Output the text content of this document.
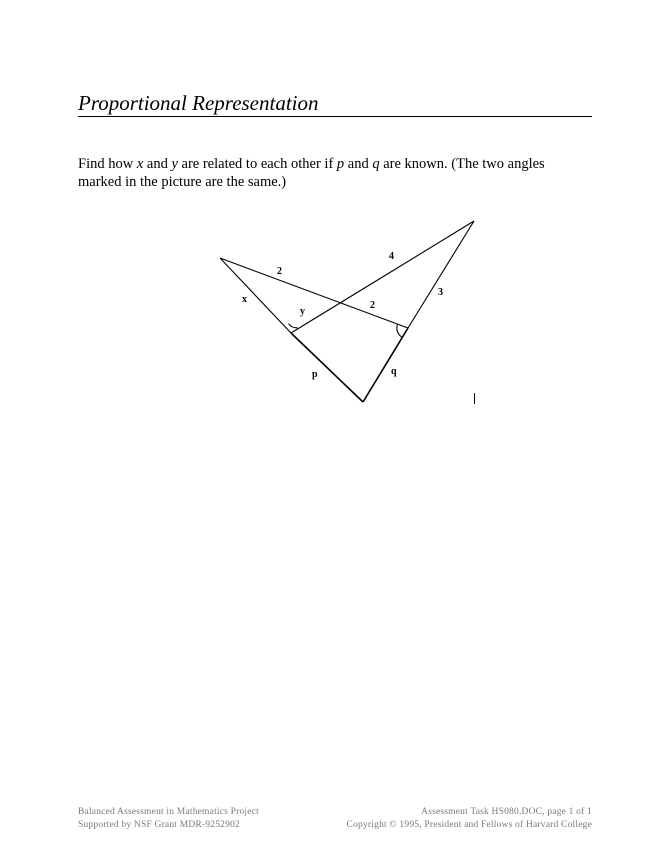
Proportional Representation
Find how x and y are related to each other if p and q are known. (The two angles marked in the picture are the same.)
2
x
y
4
2
3
p	q
Balanced Assessment in Mathematics Project
Supported by NSF Grant MDR-9252902
Assessment Task HS080.DOC, page 1 of 1
Copyright © 1995, President and Fellows of Harvard College
